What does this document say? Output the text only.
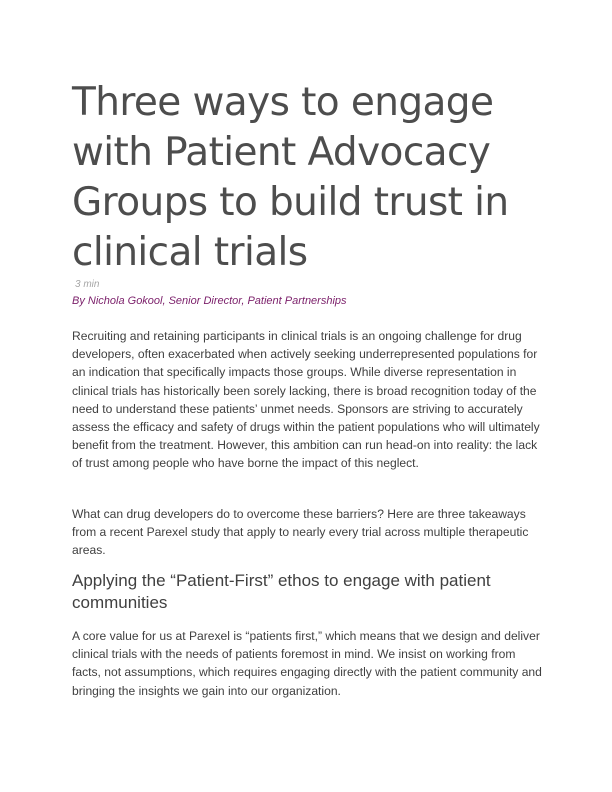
Three ways to engage with Patient Advocacy Groups to build trust in clinical trials
3 min
By Nichola Gokool, Senior Director, Patient Partnerships

Recruiting and retaining participants in clinical trials is an ongoing challenge for drug developers, often exacerbated when actively seeking underrepresented populations for an indication that specifically impacts those groups. While diverse representation in clinical trials has historically been sorely lacking, there is broad recognition today of the need to understand these patients’ unmet needs. Sponsors are striving to accurately assess the efficacy and safety of drugs within the patient populations who will ultimately benefit from the treatment. However, this ambition can run head-on into reality: the lack of trust among people who have borne the impact of this neglect.

What can drug developers do to overcome these barriers? Here are three takeaways from a recent Parexel study that apply to nearly every trial across multiple therapeutic areas.

Applying the “Patient-First” ethos to engage with patient communities

A core value for us at Parexel is “patients first,” which means that we design and deliver clinical trials with the needs of patients foremost in mind. We insist on working from facts, not assumptions, which requires engaging directly with the patient community and bringing the insights we gain into our organization.
